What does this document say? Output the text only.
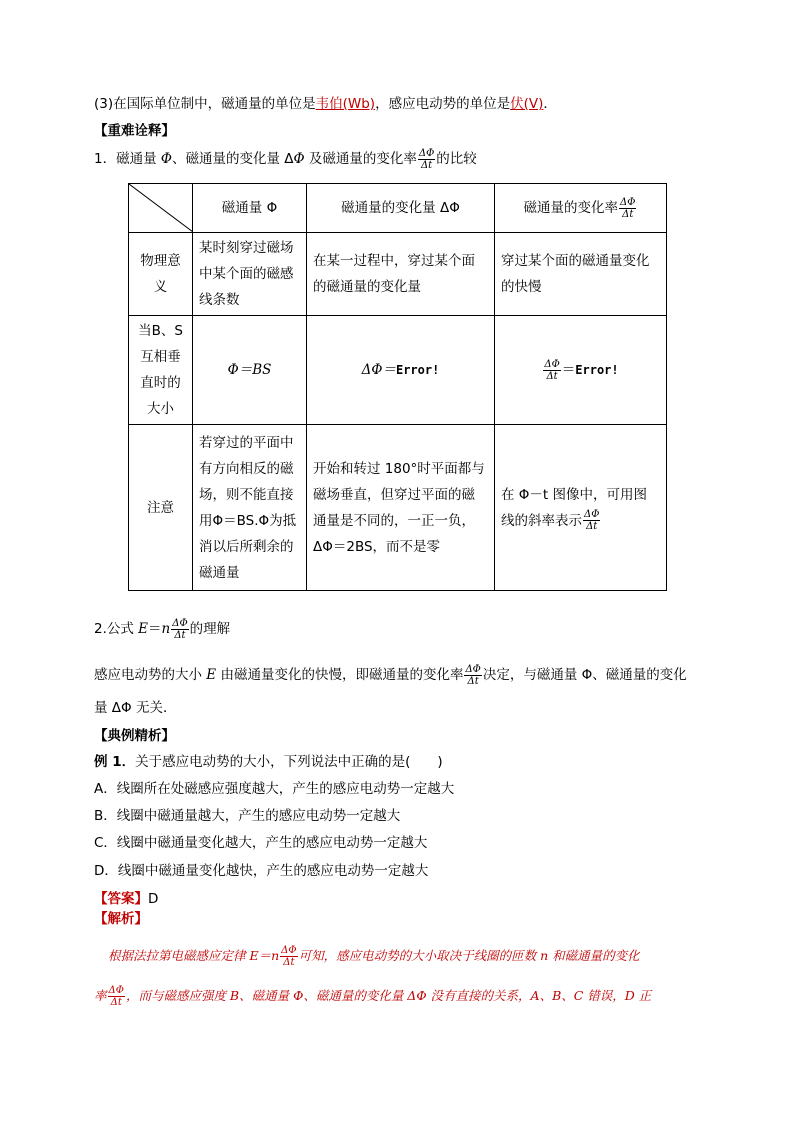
(3)在国际单位制中，磁通量的单位是韦伯(Wb)，感应电动势的单位是伏(V)．
【重难诠释】
1．磁通量 Φ、磁通量的变化量 ΔΦ 及磁通量的变化率 $\frac{\Delta\Phi}{\Delta t}$ 的比较
	磁通量 Φ	磁通量的变化量 ΔΦ	磁通量的变化率 $\frac{\Delta\Phi}{\Delta t}$

物理意义	某时刻穿过磁场中某个面的磁感线条数	在某一过程中，穿过某个面的磁通量的变化量	穿过某个面的磁通量变化的快慢
当B、S互相垂直时的大小	Φ＝BS	ΔΦ＝Error!	$\frac{\Delta\Phi}{\Delta t}$ ＝Error!
注意	若穿过的平面中有方向相反的磁场，则不能直接用Φ＝BS.Φ为抵消以后所剩余的磁通量	开始和转过 180°时平面都与磁场垂直，但穿过平面的磁通量是不同的，一正一负，ΔΦ＝2BS，而不是零	在 Φ－t 图像中，可用图线的斜率表示 $\frac{\Delta\Phi}{\Delta t}$
2.公式 $E=n \frac{\Delta\Phi}{\Delta t}$ 的理解
感应电动势的大小 E 由磁通量变化的快慢，即磁通量的变化率 $\frac{\Delta\Phi}{\Delta t}$ 决定，与磁通量 Φ、磁通量的变化
量 ΔΦ 无关．
【典例精析】
例 1．关于感应电动势的大小，下列说法中正确的是(　　)
A．线圈所在处磁感应强度越大，产生的感应电动势一定越大
B．线圈中磁通量越大，产生的感应电动势一定越大
C．线圈中磁通量变化越大，产生的感应电动势一定越大
D．线圈中磁通量变化越快，产生的感应电动势一定越大
【答案】D
【解析】
根据法拉第电磁感应定律 $E=n \frac{\Delta\Phi}{\Delta t}$ 可知，感应电动势的大小取决于线圈的匝数 n 和磁通量的变化
率 $\frac{\Delta\Phi}{\Delta t}$ ，而与磁感应强度 B、磁通量 Φ、磁通量的变化量 ΔΦ 没有直接的关系，A、B、C 错误，D 正
